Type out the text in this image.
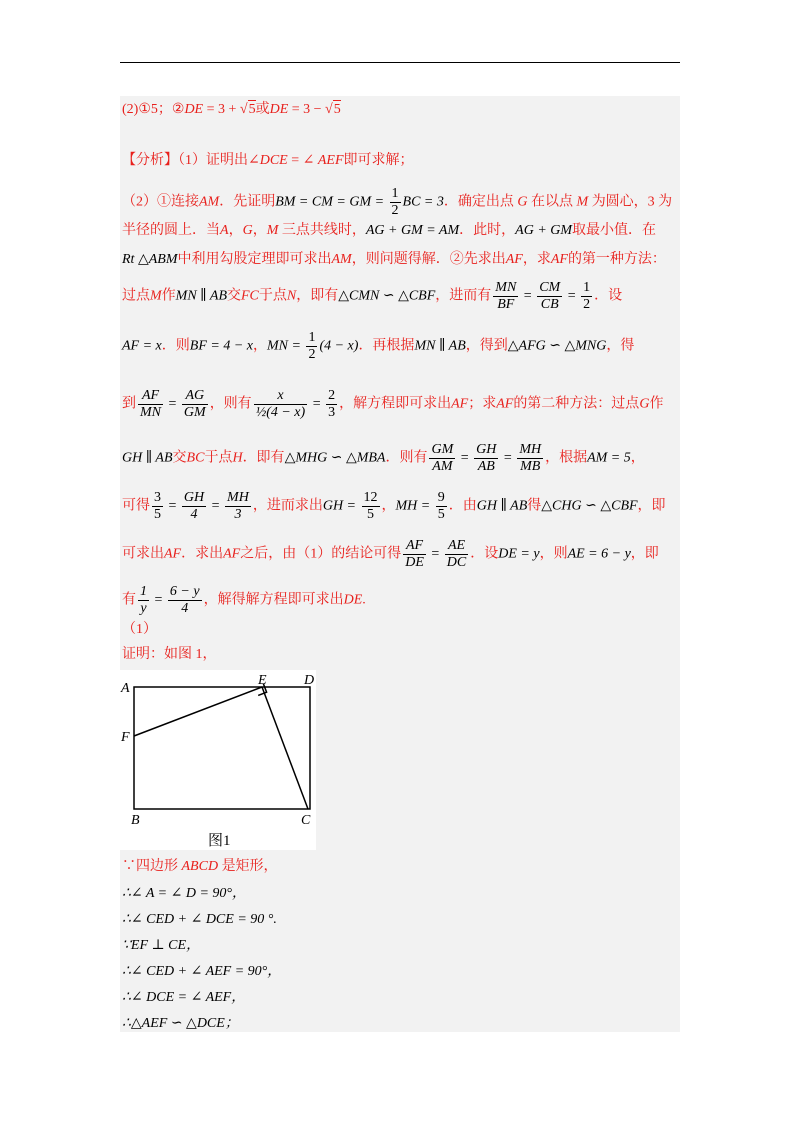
(2)①5；②DE = 3 + √5或DE = 3 − √5
【分析】（1）证明出∠DCE = ∠ AEF即可求解；
（2）①连接AM．先证明BM = CM = GM = $\frac{1}{2}$ BC = 3．确定出点 G 在以点 M 为圆心，3 为
半径的圆上．当A，G，M 三点共线时，AG + GM = AM．此时，AG + GM取最小值．在
Rt △ABM中利用勾股定理即可求出AM，则问题得解．②先求出AF，求AF的第一种方法：
过点M作MN ∥ AB交FC于点N，即有△CMN ∽ △CBF，进而有 $\frac{MN}{BF} = \frac{CM}{CB} = \frac{1}{2}$ ．设
AF = x．则BF = 4 − x，MN = $\frac{1}{2} (4 - x)$．再根据MN ∥ AB，得到△AFG ∽ △MNG，得
到 $\frac{AF}{MN} = \frac{AG}{GM}$ ，则有 $\frac{x}{\text{½(4 − x)}} = \frac{2}{3}$ ，解方程即可求出AF；求AF的第二种方法：过点G作
GH ∥ AB交BC于点H．即有△MHG ∽ △MBA．则有 $\frac{GM}{AM} = \frac{GH}{AB} = \frac{MH}{MB}$ ，根据AM = 5，
可得 $\frac{3}{5} = \frac{GH}{4} = \frac{MH}{3}$ ，进而求出GH = $\frac{12}{5}$ ，MH = $\frac{9}{5}$ ．由GH ∥ AB得△CHG ∽ △CBF，即
可求出AF．求出AF之后，由（1）的结论可得 $\frac{AF}{DE} = \frac{AE}{DC}$ ．设DE = y，则AE = 6 − y，即
有 $\frac{1}{y} = \frac{6 - y}{4}$ ，解得解方程即可求出DE.
（1）
证明：如图 1，
A
F
B	C
D
E
图1
∵四边形 ABCD 是矩形，
∴∠ A = ∠ D = 90°，
∴∠ CED + ∠ DCE = 90 °.
∵EF ⊥ CE，
∴∠ CED + ∠ AEF = 90°，
∴∠ DCE = ∠ AEF，
∴△AEF ∽ △DCE；
